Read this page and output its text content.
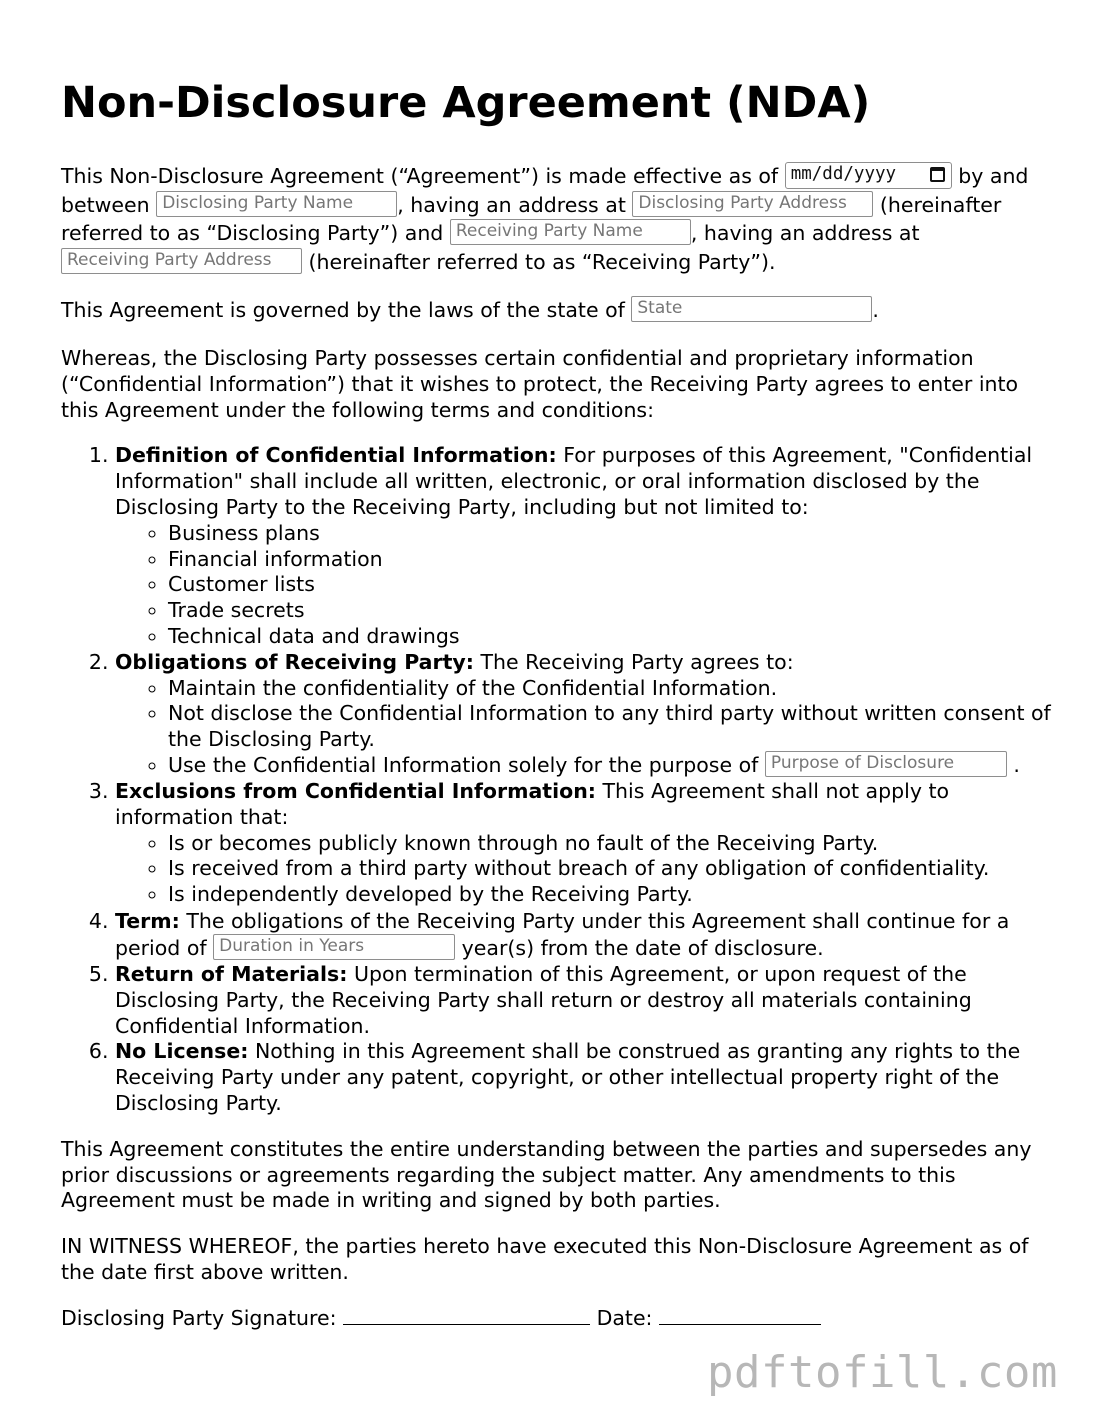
Non-Disclosure Agreement (NDA)

This Non-Disclosure Agreement (“Agreement”) is made effective as of mm/dd/yyyy	by and between Disclosing Party Name , having an address at Disclosing Party Address (hereinafter referred to as “Disclosing Party”) and Receiving Party Name , having an address at Receiving Party Address (hereinafter referred to as “Receiving Party”).

This Agreement is governed by the laws of the state of State	.

Whereas, the Disclosing Party possesses certain confidential and proprietary information (“Confidential Information”) that it wishes to protect, the Receiving Party agrees to enter into this Agreement under the following terms and conditions:

1. Definition of Confidential Information: For purposes of this Agreement, "Confidential Information" shall include all written, electronic, or oral information disclosed by the Disclosing Party to the Receiving Party, including but not limited to:
◦ Business plans
◦ Financial information
◦ Customer lists
◦ Trade secrets
◦ Technical data and drawings
2. Obligations of Receiving Party: The Receiving Party agrees to:
◦ Maintain the confidentiality of the Confidential Information.
◦ Not disclose the Confidential Information to any third party without written consent of the Disclosing Party.
◦ Use the Confidential Information solely for the purpose of Purpose of Disclosure	.
3. Exclusions from Confidential Information: This Agreement shall not apply to information that:
◦ Is or becomes publicly known through no fault of the Receiving Party.
◦ Is received from a third party without breach of any obligation of confidentiality.
◦ Is independently developed by the Receiving Party.
4. Term: The obligations of the Receiving Party under this Agreement shall continue for a period of Duration in Years	year(s) from the date of disclosure.
5. Return of Materials: Upon termination of this Agreement, or upon request of the Disclosing Party, the Receiving Party shall return or destroy all materials containing Confidential Information.
6. No License: Nothing in this Agreement shall be construed as granting any rights to the Receiving Party under any patent, copyright, or other intellectual property right of the Disclosing Party.

This Agreement constitutes the entire understanding between the parties and supersedes any prior discussions or agreements regarding the subject matter. Any amendments to this Agreement must be made in writing and signed by both parties.

IN WITNESS WHEREOF, the parties hereto have executed this Non-Disclosure Agreement as of the date first above written.

Disclosing Party Signature:	Date:

pdftofill.com
